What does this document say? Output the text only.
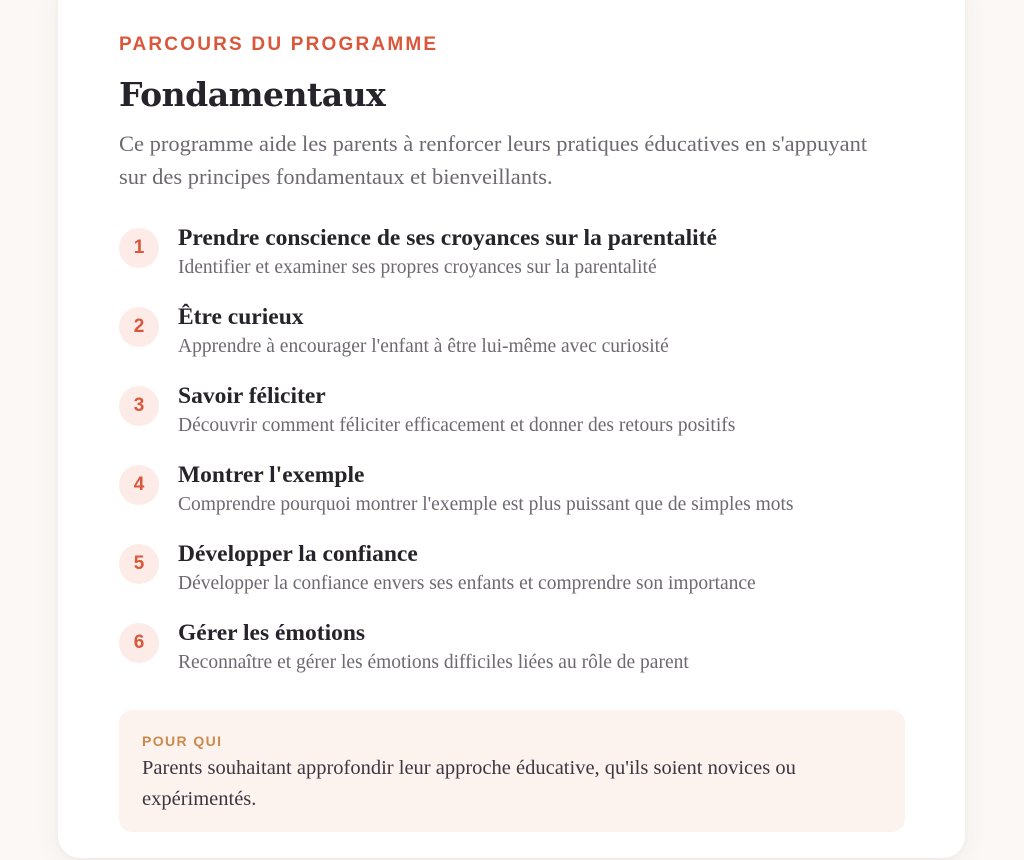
PARCOURS DU PROGRAMME

Fondamentaux

Ce programme aide les parents à renforcer leurs pratiques éducatives en s'appuyant sur des principes fondamentaux et bienveillants.

1	Prendre conscience de ses croyances sur la parentalité

Identifier et examiner ses propres croyances sur la parentalité

2	Être curieux

Apprendre à encourager l'enfant à être lui-même avec curiosité

3	Savoir féliciter

Découvrir comment féliciter efficacement et donner des retours positifs

4	Montrer l'exemple

Comprendre pourquoi montrer l'exemple est plus puissant que de simples mots

5	Développer la confiance

Développer la confiance envers ses enfants et comprendre son importance

6	Gérer les émotions

Reconnaître et gérer les émotions difficiles liées au rôle de parent

POUR QUI

Parents souhaitant approfondir leur approche éducative, qu'ils soient novices ou expérimentés.
